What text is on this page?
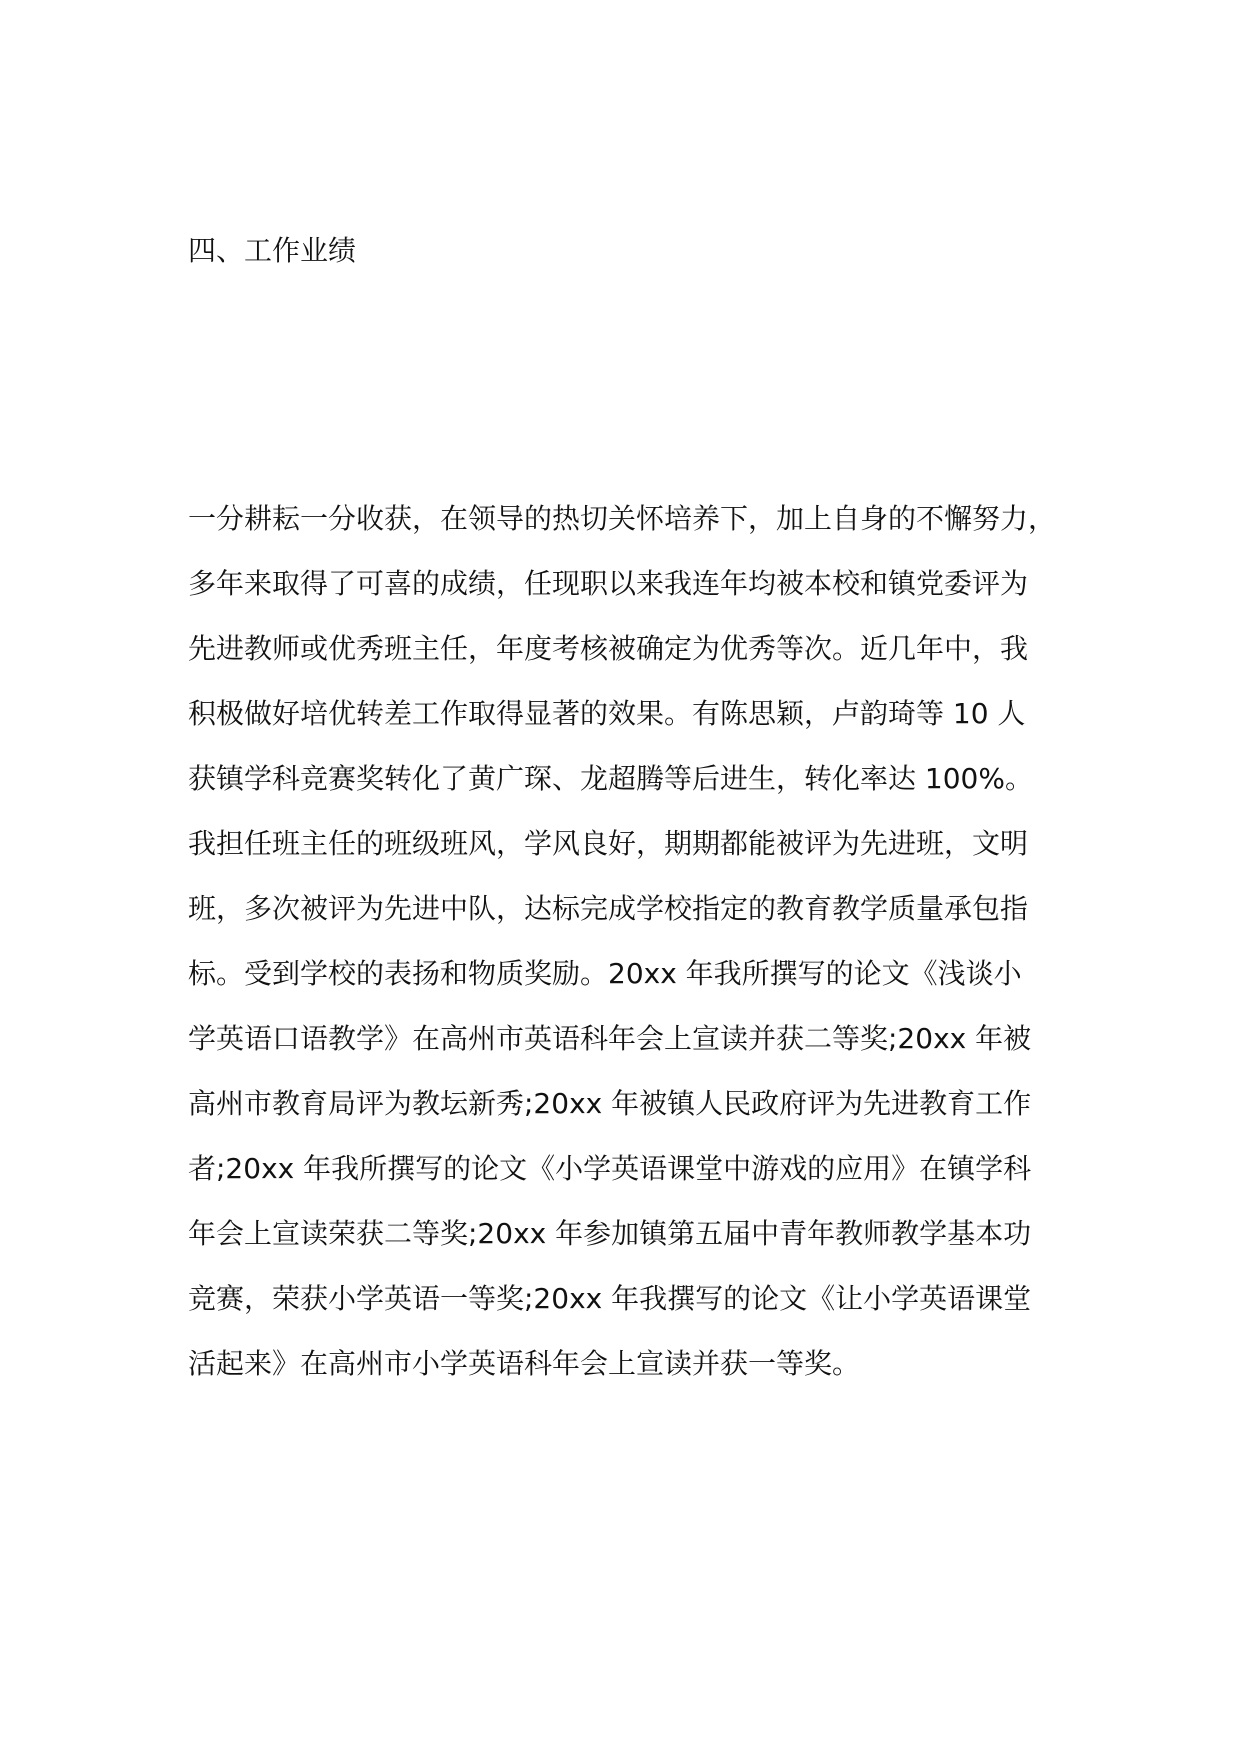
四、工作业绩
一分耕耘一分收获，在领导的热切关怀培养下，加上自身的不懈努力，
多年来取得了可喜的成绩，任现职以来我连年均被本校和镇党委评为
先进教师或优秀班主任，年度考核被确定为优秀等次。近几年中，我
积极做好培优转差工作取得显著的效果。有陈思颖，卢韵琦等 10 人
获镇学科竞赛奖转化了黄广琛、龙超腾等后进生，转化率达 100%。
我担任班主任的班级班风，学风良好，期期都能被评为先进班，文明
班，多次被评为先进中队，达标完成学校指定的教育教学质量承包指
标。受到学校的表扬和物质奖励。20xx 年我所撰写的论文《浅谈小
学英语口语教学》在高州市英语科年会上宣读并获二等奖;20xx 年被
高州市教育局评为教坛新秀;20xx 年被镇人民政府评为先进教育工作
者;20xx 年我所撰写的论文《小学英语课堂中游戏的应用》在镇学科
年会上宣读荣获二等奖;20xx 年参加镇第五届中青年教师教学基本功
竞赛，荣获小学英语一等奖;20xx 年我撰写的论文《让小学英语课堂
活起来》在高州市小学英语科年会上宣读并获一等奖。
